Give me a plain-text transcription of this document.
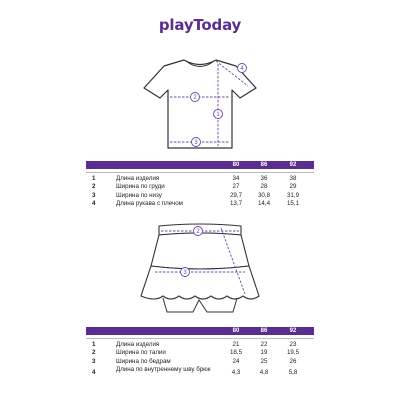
playToday
2
1
3
4
80	86	92
1	Длина изделия	34	36	38
2	Ширина по груди	27	28	29
3	Ширина по низу	29,7	30,8	31,9
4	Длина рукава с плечом	13,7	14,4	15,1
2
3
80	86	92
1	Длина изделия	21	22	23
2	Ширина по талии	18,5	19	19,5
3	Ширина по бедрам	24	25	26
4	Длина по внутреннему шву брюк	4,3	4,8	5,8
